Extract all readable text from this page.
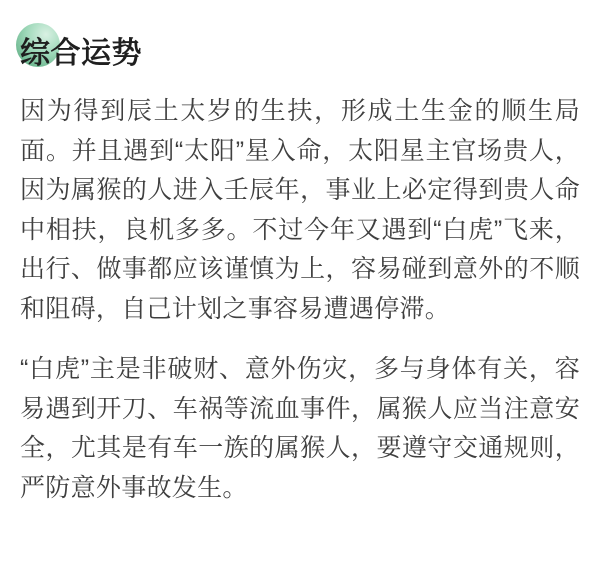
综合运势

因为得到辰土太岁的生扶，形成土生金的顺生局面。并且遇到“太阳”星入命，太阳星主官场贵人，因为属猴的人进入壬辰年，事业上必定得到贵人命中相扶，良机多多。不过今年又遇到“白虎”飞来，出行、做事都应该谨慎为上，容易碰到意外的不顺和阻碍，自己计划之事容易遭遇停滞。

“白虎”主是非破财、意外伤灾，多与身体有关，容易遇到开刀、车祸等流血事件，属猴人应当注意安全，尤其是有车一族的属猴人，要遵守交通规则，严防意外事故发生。
